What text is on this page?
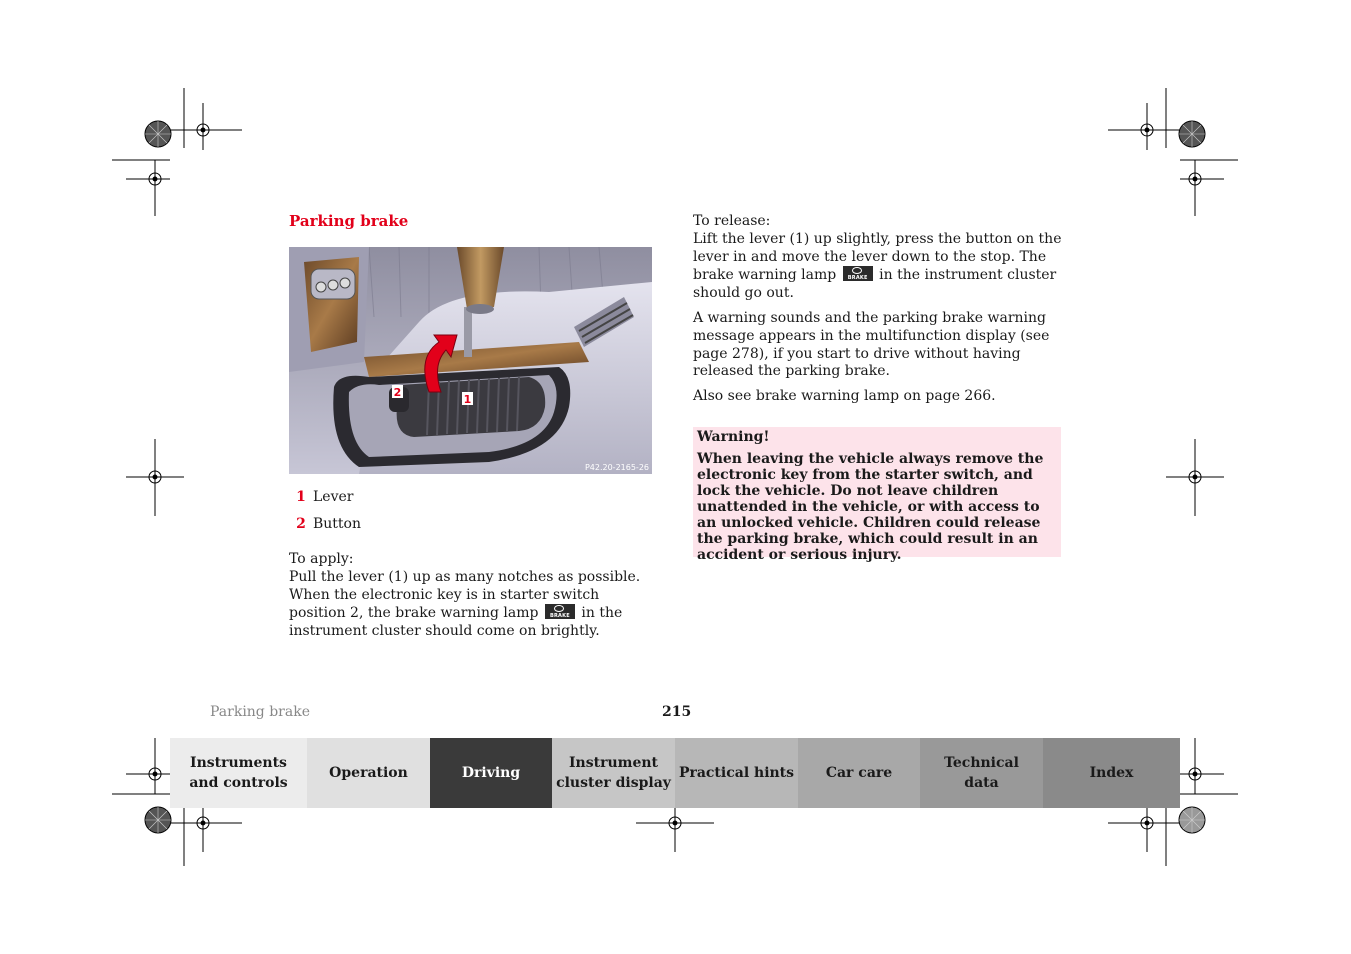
Parking brake
2
1
P42.20-2165-26
1 Lever
2 Button
To apply:

Pull the lever (1) up as many notches as possible. When the electronic key is in starter switch position 2, the brake warning lamp	BRAKE in the instrument cluster should come on brightly.

To release:

Lift the lever (1) up slightly, press the button on the lever in and move the lever down to the stop. The brake warning lamp	BRAKE in the instrument cluster should go out.

A warning sounds and the parking brake warning message appears in the multifunction display (see page 278), if you start to drive without having released the parking brake.

Also see brake warning lamp on page 266.

Warning!
When leaving the vehicle always remove the electronic key from the starter switch, and lock the vehicle. Do not leave children unattended in the vehicle, or with access to an unlocked vehicle. Children could release the parking brake, which could result in an accident or serious injury.
Parking brake	215
Instruments
and controls
Operation	Driving
Instrument
cluster display
Practical hints Car care
Technical
data
Index
